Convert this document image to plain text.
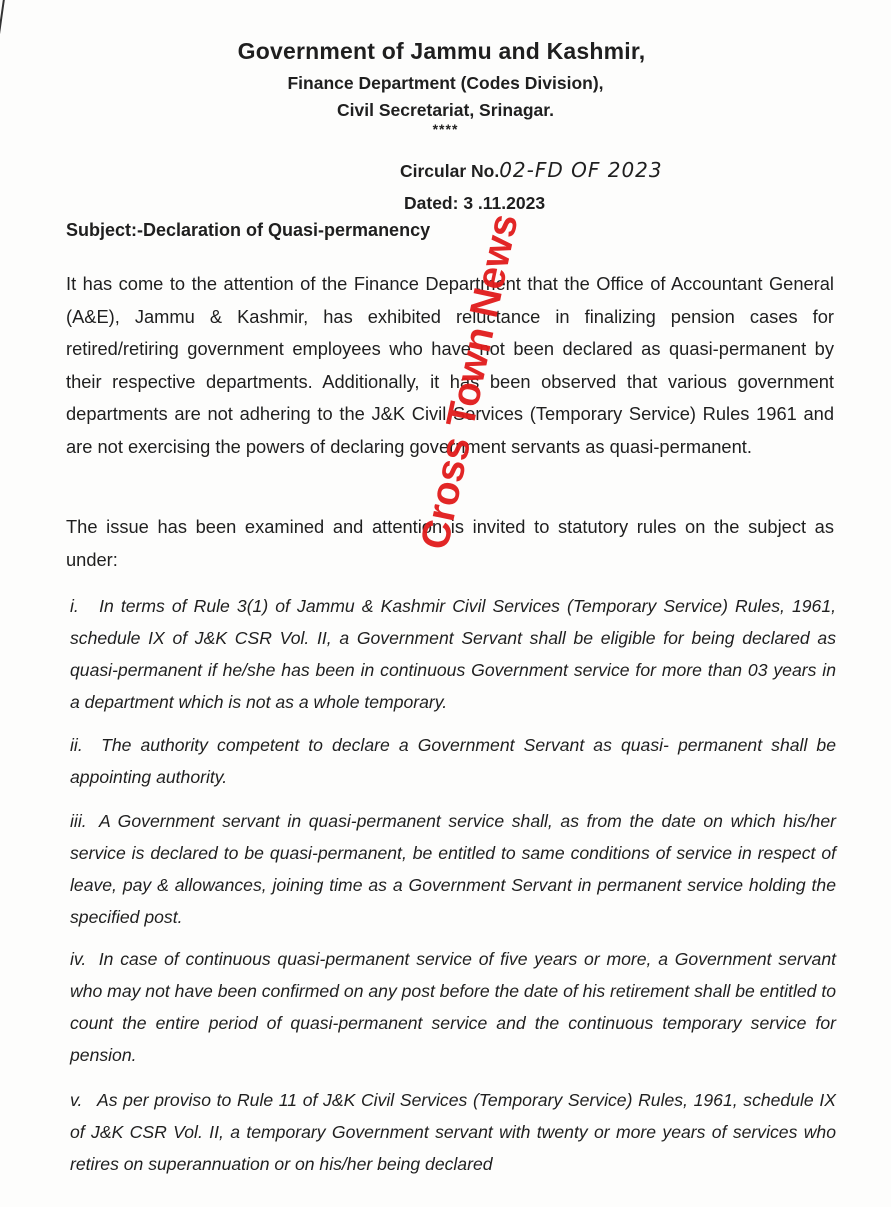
Government of Jammu and Kashmir,
Finance Department (Codes Division),
Civil Secretariat, Srinagar.
****
Circular No.02-FD OF 2023
Dated: 3 .11.2023
Subject:-Declaration of Quasi-permanency
It has come to the attention of the Finance Department that the Office of Accountant General (A&E), Jammu & Kashmir, has exhibited reluctance in finalizing pension cases for retired/retiring government employees who have not been declared as quasi-permanent by their respective departments. Additionally, it has been observed that various government departments are not adhering to the J&K Civil Services (Temporary Service) Rules 1961 and are not exercising the powers of declaring government servants as quasi-permanent.
The issue has been examined and attention is invited to statutory rules on the subject as under:
i. In terms of Rule 3(1) of Jammu & Kashmir Civil Services (Temporary Service) Rules, 1961, schedule IX of J&K CSR Vol. II, a Government Servant shall be eligible for being declared as quasi-permanent if he/she has been in continuous Government service for more than 03 years in a department which is not as a whole temporary.
ii. The authority competent to declare a Government Servant as quasi- permanent shall be appointing authority.
iii. A Government servant in quasi-permanent service shall, as from the date on which his/her service is declared to be quasi-permanent, be entitled to same conditions of service in respect of leave, pay & allowances, joining time as a Government Servant in permanent service holding the specified post.
iv. In case of continuous quasi-permanent service of five years or more, a Government servant who may not have been confirmed on any post before the date of his retirement shall be entitled to count the entire period of quasi-permanent service and the continuous temporary service for pension.
v. As per proviso to Rule 11 of J&K Civil Services (Temporary Service) Rules, 1961, schedule IX of J&K CSR Vol. II, a temporary Government servant with twenty or more years of services who retires on superannuation or on his/her being declared
Cross Town News
